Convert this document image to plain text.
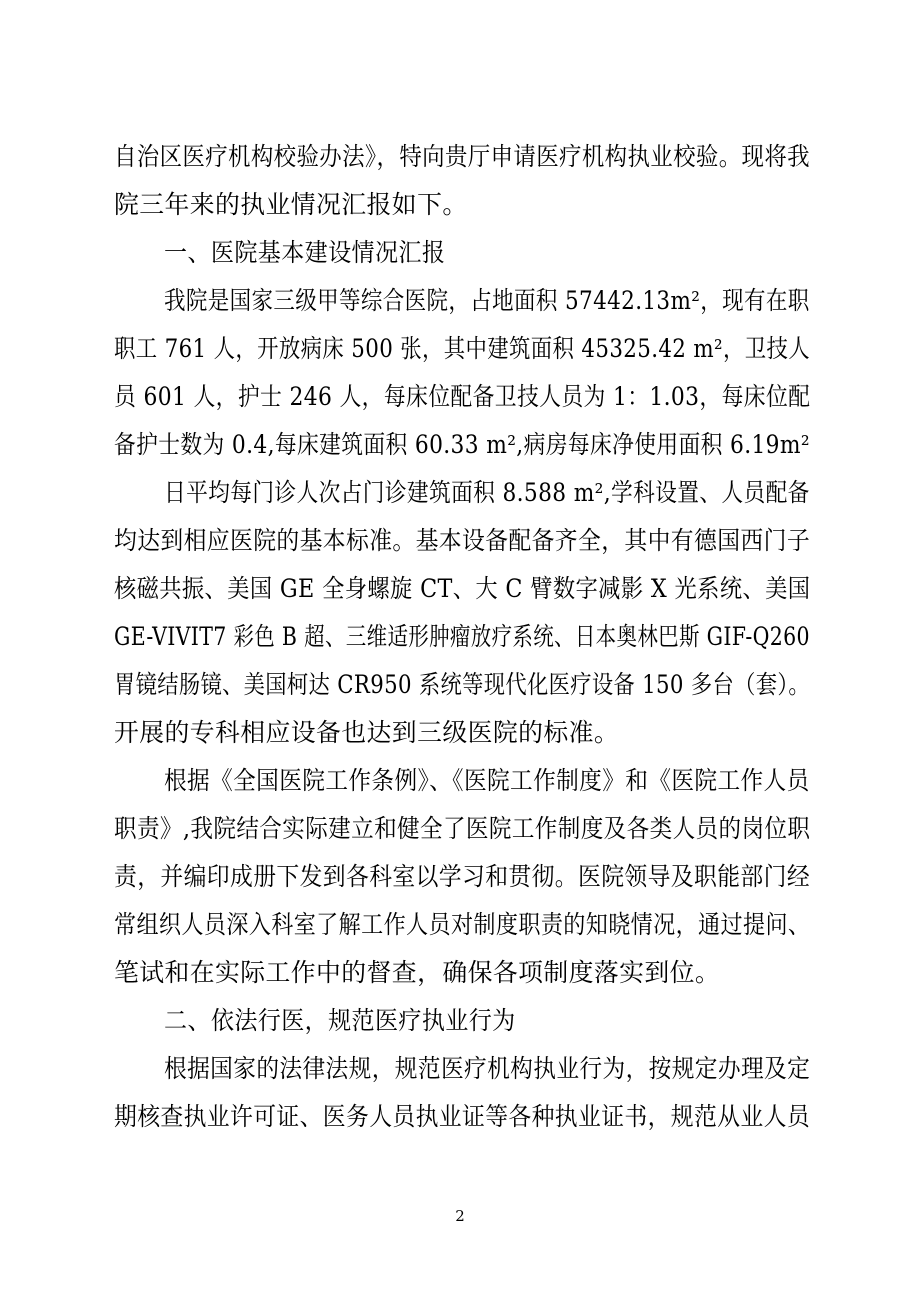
自治区医疗机构校验办法》，特向贵厅申请医疗机构执业校验。现将我
院三年来的执业情况汇报如下。
一、医院基本建设情况汇报
我院是国家三级甲等综合医院，占地面积 57442.13m²，现有在职
职工 761 人，开放病床 500 张，其中建筑面积 45325.42 m²，卫技人
员 601 人，护士 246 人，每床位配备卫技人员为 1：1.03，每床位配
备护士数为 0.4,每床建筑面积 60.33 m²,病房每床净使用面积 6.19m²
日平均每门诊人次占门诊建筑面积 8.588 m²,学科设置、人员配备
均达到相应医院的基本标准。基本设备配备齐全，其中有德国西门子
核磁共振、美国 GE 全身螺旋 CT、大 C 臂数字减影 X 光系统、美国
GE-VIVIT7 彩色 B 超、三维适形肿瘤放疗系统、日本奥林巴斯 GIF-Q260
胃镜结肠镜、美国柯达 CR950 系统等现代化医疗设备 150 多台（套）。
开展的专科相应设备也达到三级医院的标准。
根据《全国医院工作条例》、《医院工作制度》和《医院工作人员
职责》,我院结合实际建立和健全了医院工作制度及各类人员的岗位职
责，并编印成册下发到各科室以学习和贯彻。医院领导及职能部门经
常组织人员深入科室了解工作人员对制度职责的知晓情况，通过提问、
笔试和在实际工作中的督查，确保各项制度落实到位。
二、依法行医，规范医疗执业行为
根据国家的法律法规，规范医疗机构执业行为，按规定办理及定
期核查执业许可证、医务人员执业证等各种执业证书，规范从业人员
2
